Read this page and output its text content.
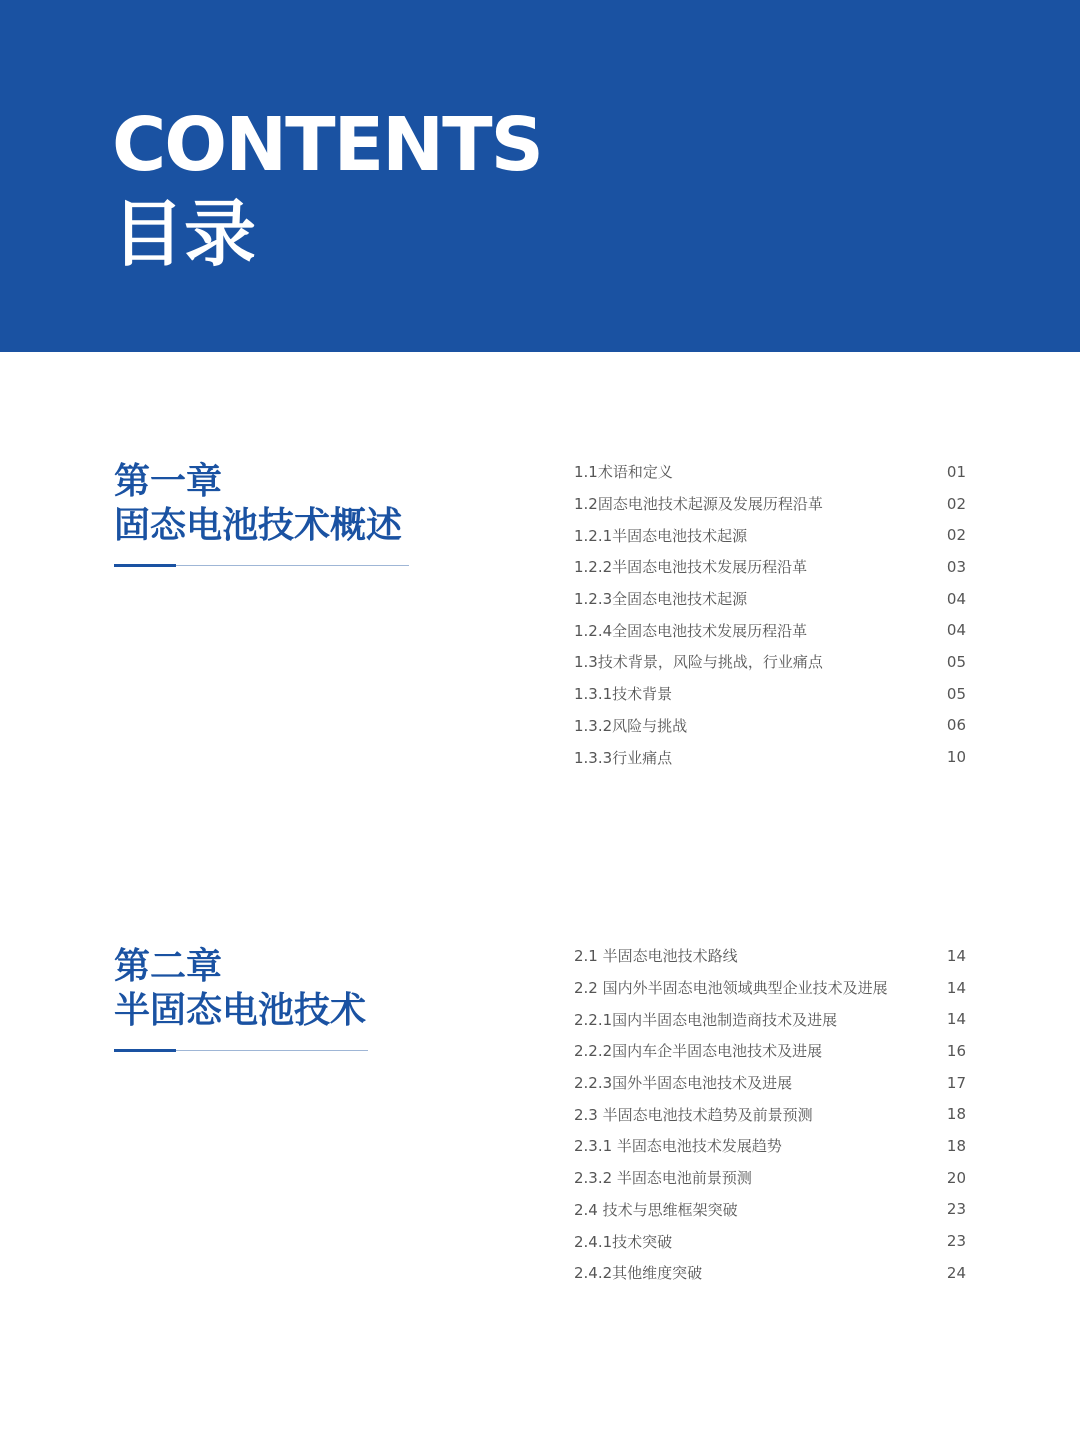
CONTENTS
目录
第一章
固态电池技术概述
1.1术语和定义	01
1.2固态电池技术起源及发展历程沿革	02
1.2.1半固态电池技术起源	02
1.2.2半固态电池技术发展历程沿革	03
1.2.3全固态电池技术起源	04
1.2.4全固态电池技术发展历程沿革	04
1.3技术背景，风险与挑战，行业痛点	05
1.3.1技术背景	05
1.3.2风险与挑战	06
1.3.3行业痛点	10
第二章
半固态电池技术
2.1 半固态电池技术路线	14
2.2 国内外半固态电池领域典型企业技术及进展	14
2.2.1国内半固态电池制造商技术及进展	14
2.2.2国内车企半固态电池技术及进展	16
2.2.3国外半固态电池技术及进展	17
2.3 半固态电池技术趋势及前景预测	18
2.3.1 半固态电池技术发展趋势	18
2.3.2 半固态电池前景预测	20
2.4 技术与思维框架突破	23
2.4.1技术突破	23
2.4.2其他维度突破	24
